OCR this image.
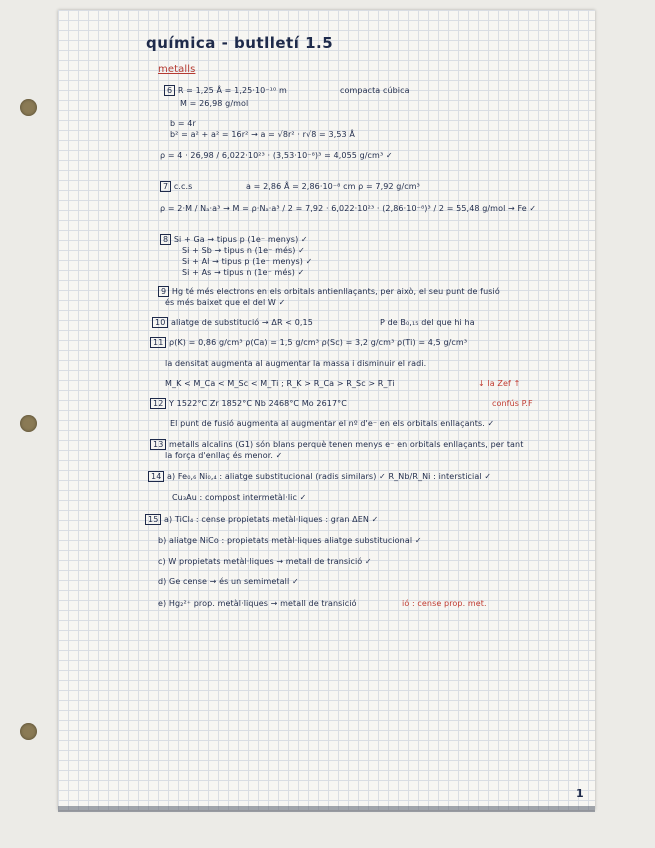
química - butlletí 1.5
metalls
6 R = 1,25 Å = 1,25·10⁻¹⁰ m	compacta cúbica
M = 26,98 g/mol
b = 4r
b² = a² + a² = 16r² → a = √8r² · r√8 = 3,53 Å
ρ = 4 · 26,98 / 6,022·10²³ · (3,53·10⁻⁸)³ = 4,055 g/cm³ ✓
7 c.c.s	a = 2,86 Å = 2,86·10⁻⁸ cm ρ = 7,92 g/cm³
ρ = 2·M / Nₐ·a³ → M = ρ·Nₐ·a³ / 2 = 7,92 · 6,022·10²³ · (2,86·10⁻⁸)³ / 2 = 55,48 g/mol → Fe ✓
8 Si + Ga → tipus p (1e⁻ menys) ✓
Si + Sb → tipus n (1e⁻ més) ✓
Si + Al → tipus p (1e⁻ menys) ✓
Si + As → tipus n (1e⁻ més) ✓
9 Hg té més electrons en els orbitals antienllaçants, per això, el seu punt de fusió
és més baixet que el del W ✓
10 aliatge de substitució → ΔR < 0,15	P de B₀,₁₅ del que hi ha
11 ρ(K) = 0,86 g/cm³ ρ(Ca) = 1,5 g/cm³ ρ(Sc) = 3,2 g/cm³ ρ(Ti) = 4,5 g/cm³
la densitat augmenta al augmentar la massa i disminuir el radi.
M_K < M_Ca < M_Sc < M_Ti ; R_K > R_Ca > R_Sc > R_Ti	↓ la Zef ↑
12 Y 1522°C Zr 1852°C Nb 2468°C Mo 2617°C	confús P.F
El punt de fusió augmenta al augmentar el nº d'e⁻ en els orbitals enllaçants. ✓
13 metalls alcalins (G1) són blans perquè tenen menys e⁻ en orbitals enllaçants, per tant
la força d'enllaç és menor. ✓
14 a) Fe₀,₆ Ni₀,₄ : aliatge substitucional (radis similars) ✓ R_Nb/R_Ni : intersticial ✓
Cu₃Au : compost intermetàl·lic ✓
15 a) TiCl₄ : cense propietats metàl·liques : gran ΔEN ✓
b) aliatge NiCo : propietats metàl·liques aliatge substitucional ✓
c) W propietats metàl·liques → metall de transició ✓
d) Ge cense → és un semimetall ✓
e) Hg₂²⁺ prop. metàl·liques → metall de transició	ió : cense prop. met.
1
